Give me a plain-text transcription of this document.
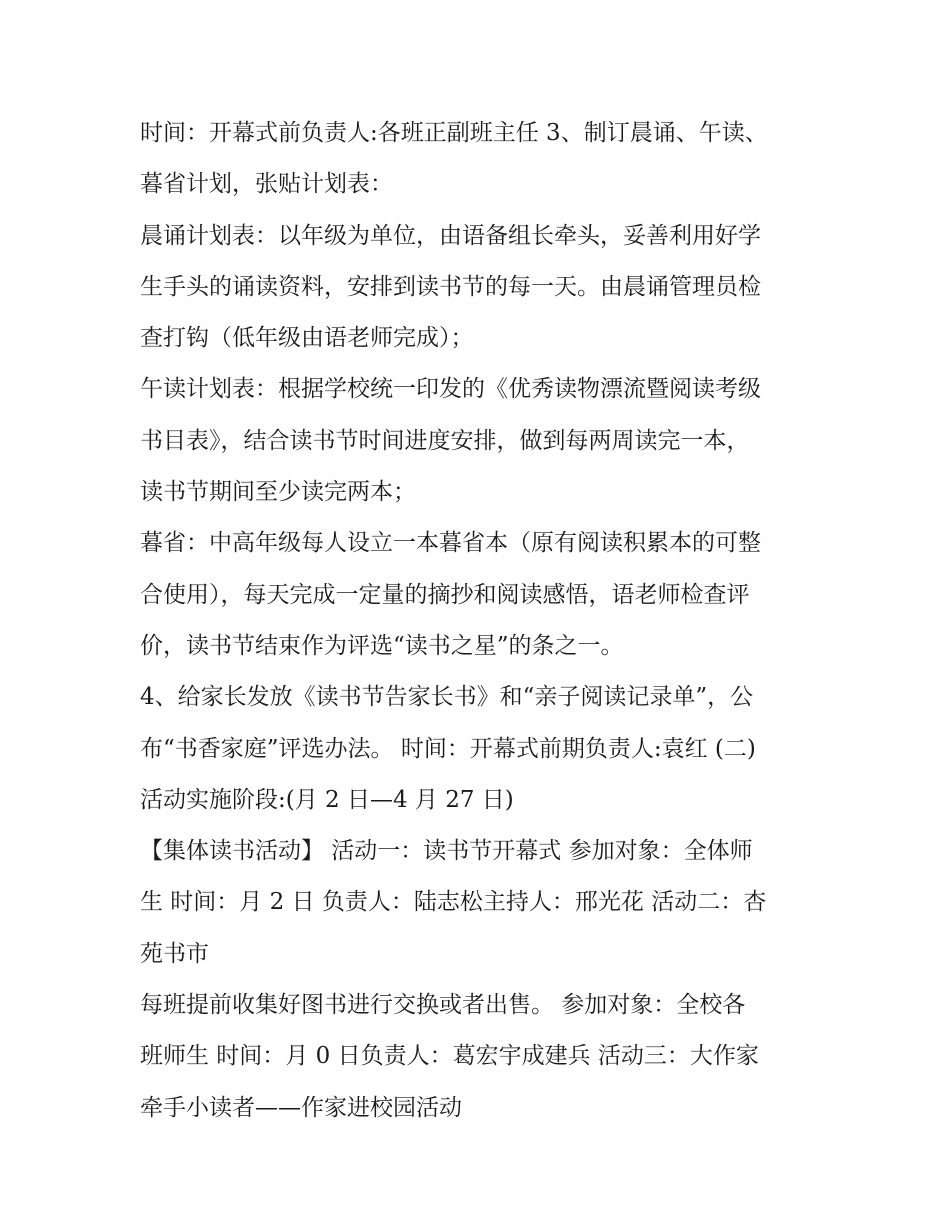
时间：开幕式前负责人:各班正副班主任 3、制订晨诵、午读、
暮省计划，张贴计划表：
晨诵计划表：以年级为单位，由语备组长牵头，妥善利用好学
生手头的诵读资料，安排到读书节的每一天。由晨诵管理员检
查打钩（低年级由语老师完成）；
午读计划表：根据学校统一印发的《优秀读物漂流暨阅读考级
书目表》，结合读书节时间进度安排，做到每两周读完一本，
读书节期间至少读完两本；
暮省：中高年级每人设立一本暮省本（原有阅读积累本的可整
合使用），每天完成一定量的摘抄和阅读感悟，语老师检查评
价，读书节结束作为评选“读书之星”的条之一。
4、给家长发放《读书节告家长书》和“亲子阅读记录单”，公
布“书香家庭”评选办法。 时间：开幕式前期负责人:袁红 (二)
活动实施阶段:(月 2 日—4 月 27 日)
【集体读书活动】 活动一：读书节开幕式 参加对象：全体师
生 时间：月 2 日 负责人：陆志松主持人：邢光花 活动二：杏
苑书市
每班提前收集好图书进行交换或者出售。 参加对象：全校各
班师生 时间：月 0 日负责人：葛宏宇成建兵 活动三：大作家
牵手小读者——作家进校园活动
